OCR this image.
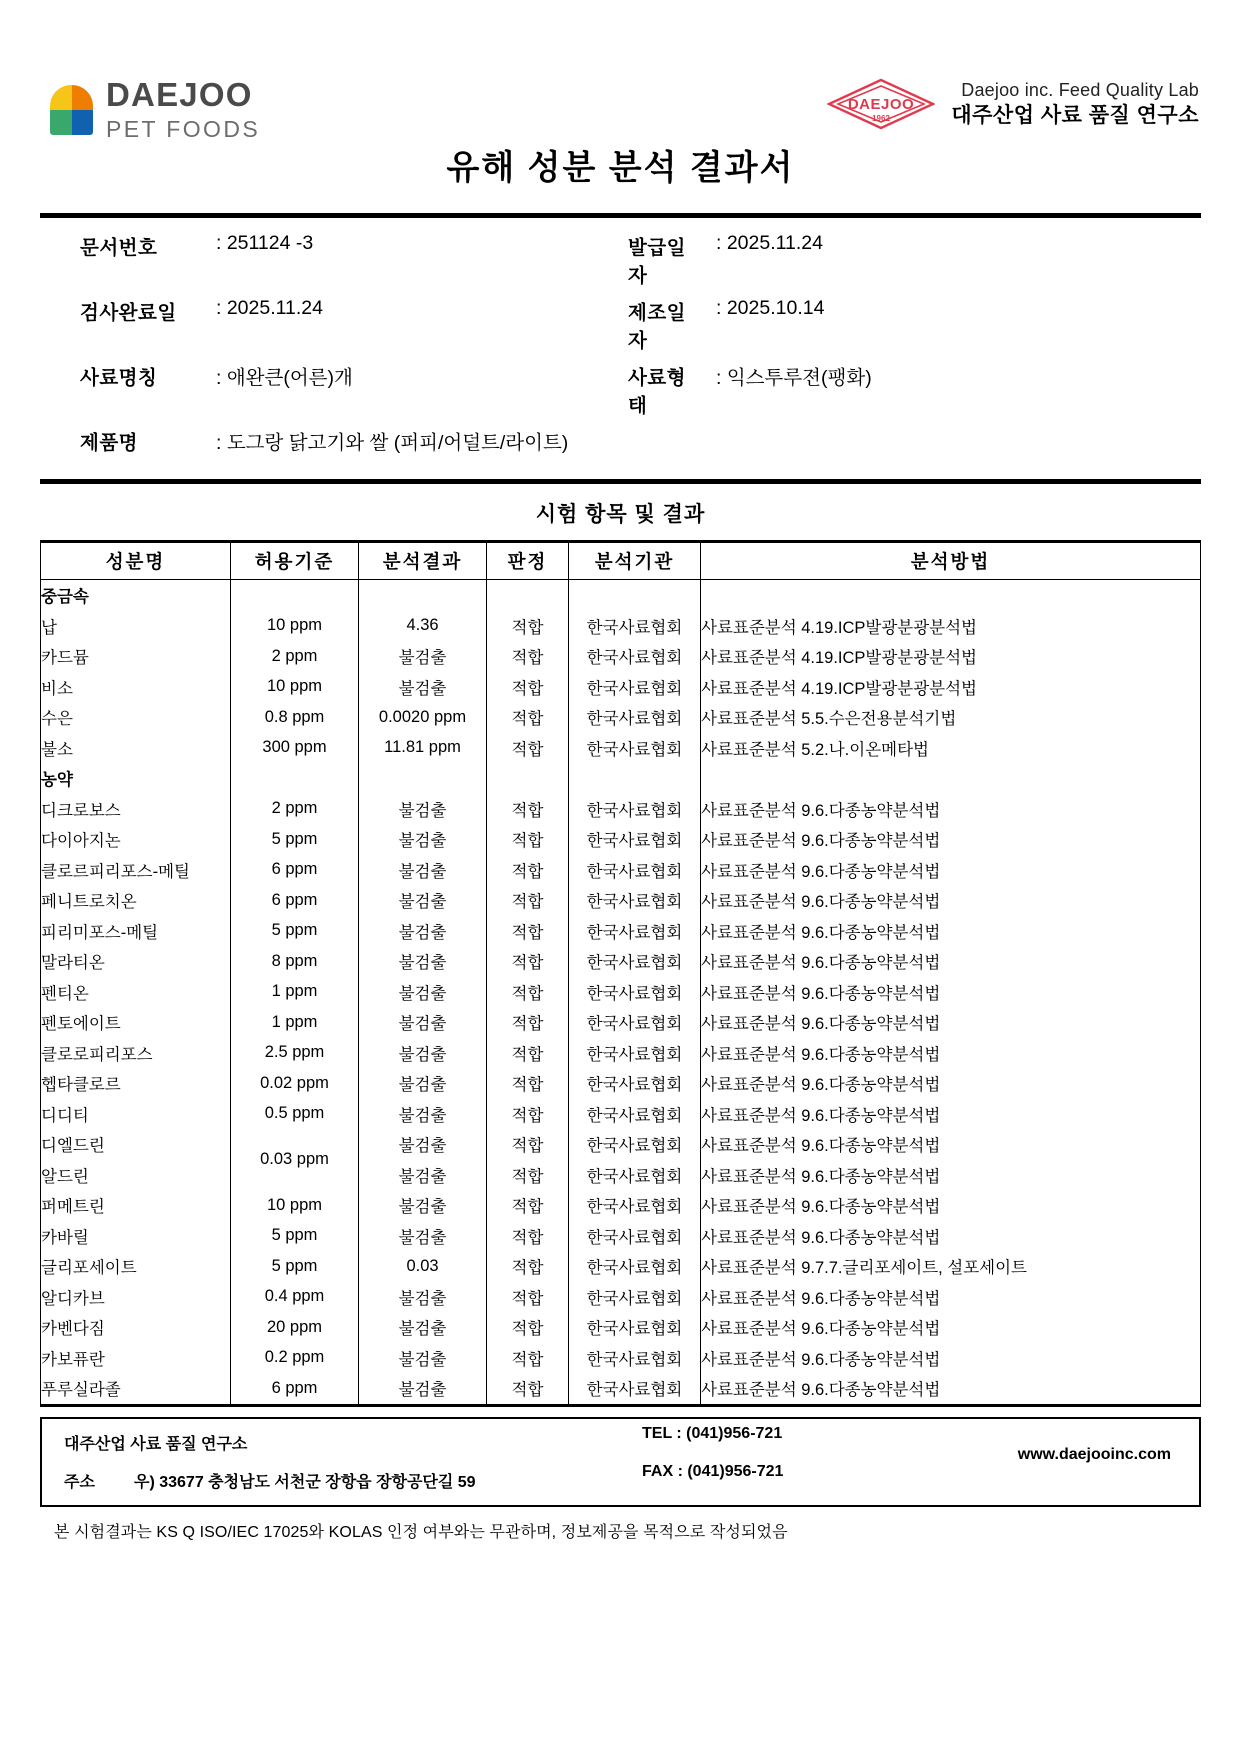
DAEJOO
PET FOODS
DAEJOO
1962
Daejoo inc. Feed Quality Lab
대주산업 사료 품질 연구소
유해 성분 분석 결과서
문서번호	: 251124 -3	발급일자
: 2025.11.24
검사완료일	: 2025.11.24	제조일자
: 2025.10.14
사료명칭	: 애완큰(어른)개	사료형태
: 익스투루젼(팽화)
제품명	: 도그랑 닭고기와 쌀 (퍼피/어덜트/라이트)
시험 항목 및 결과
성분명	허용기준	분석결과	판정	분석기관	분석방법
중금속					
납	10 ppm	4.36	적합	한국사료협회	사료표준분석 4.19.ICP발광분광분석법
카드뮴	2 ppm	불검출	적합	한국사료협회	사료표준분석 4.19.ICP발광분광분석법
비소	10 ppm	불검출	적합	한국사료협회	사료표준분석 4.19.ICP발광분광분석법
수은	0.8 ppm	0.0020 ppm	적합	한국사료협회	사료표준분석 5.5.수은전용분석기법
불소	300 ppm	11.81 ppm	적합	한국사료협회	사료표준분석 5.2.나.이온메타법
농약					
디크로보스	2 ppm	불검출	적합	한국사료협회	사료표준분석 9.6.다종농약분석법
다이아지논	5 ppm	불검출	적합	한국사료협회	사료표준분석 9.6.다종농약분석법
클로르피리포스-메틸	6 ppm	불검출	적합	한국사료협회	사료표준분석 9.6.다종농약분석법
페니트로치온	6 ppm	불검출	적합	한국사료협회	사료표준분석 9.6.다종농약분석법
피리미포스-메틸	5 ppm	불검출	적합	한국사료협회	사료표준분석 9.6.다종농약분석법
말라티온	8 ppm	불검출	적합	한국사료협회	사료표준분석 9.6.다종농약분석법
펜티온	1 ppm	불검출	적합	한국사료협회	사료표준분석 9.6.다종농약분석법
펜토에이트	1 ppm	불검출	적합	한국사료협회	사료표준분석 9.6.다종농약분석법
클로로피리포스	2.5 ppm	불검출	적합	한국사료협회	사료표준분석 9.6.다종농약분석법
헵타클로르	0.02 ppm	불검출	적합	한국사료협회	사료표준분석 9.6.다종농약분석법
디디티	0.5 ppm	불검출	적합	한국사료협회	사료표준분석 9.6.다종농약분석법
디엘드린	0.03 ppm	불검출	적합	한국사료협회	사료표준분석 9.6.다종농약분석법
알드린		불검출	적합	한국사료협회	사료표준분석 9.6.다종농약분석법
퍼메트린	10 ppm	불검출	적합	한국사료협회	사료표준분석 9.6.다종농약분석법
카바릴	5 ppm	불검출	적합	한국사료협회	사료표준분석 9.6.다종농약분석법
글리포세이트	5 ppm	0.03	적합	한국사료협회	사료표준분석 9.7.7.글리포세이트, 설포세이트
알디카브	0.4 ppm	불검출	적합	한국사료협회	사료표준분석 9.6.다종농약분석법
카벤다짐	20 ppm	불검출	적합	한국사료협회	사료표준분석 9.6.다종농약분석법
카보퓨란	0.2 ppm	불검출	적합	한국사료협회	사료표준분석 9.6.다종농약분석법
푸루실라졸	6 ppm	불검출	적합	한국사료협회	사료표준분석 9.6.다종농약분석법
대주산업 사료 품질 연구소
주소	우) 33677 충청남도 서천군 장항읍 장항공단길 59
TEL : (041)956-721
FAX : (041)956-721
www.daejooinc.com
본 시험결과는 KS Q ISO/IEC 17025와 KOLAS 인정 여부와는 무관하며, 정보제공을 목적으로 작성되었음
